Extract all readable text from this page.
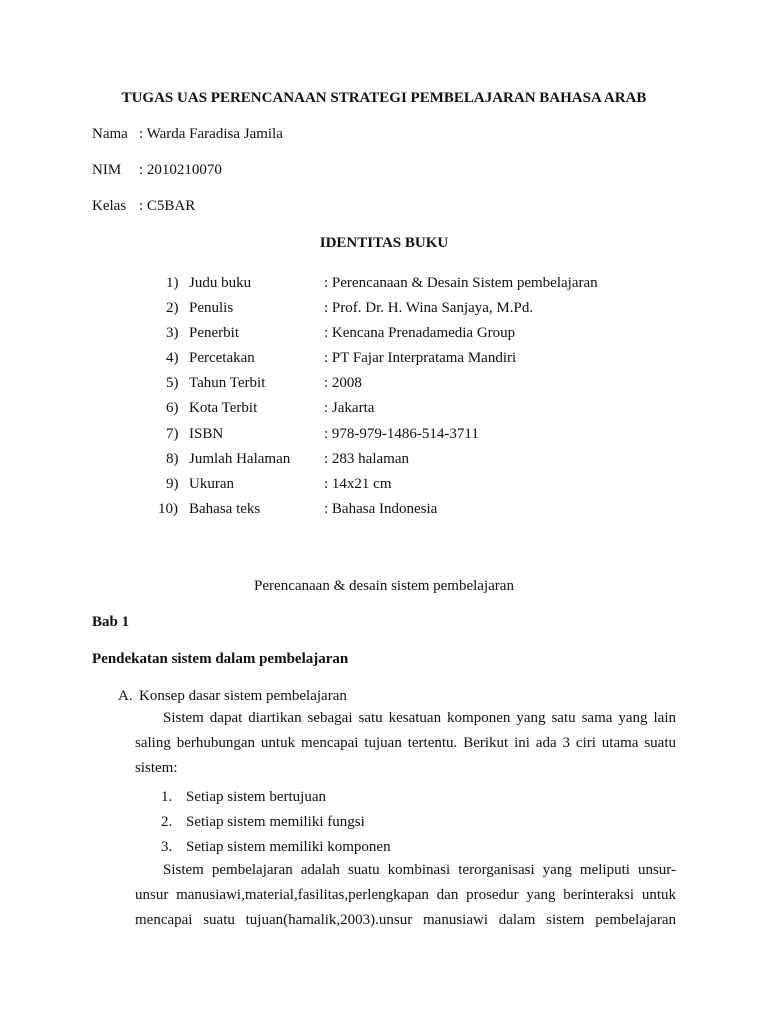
TUGAS UAS PERENCANAAN STRATEGI PEMBELAJARAN BAHASA ARAB
Nama : Warda Faradisa Jamila
NIM : 2010210070
Kelas : C5BAR
IDENTITAS BUKU
1) Judu buku	: Perencanaan & Desain Sistem pembelajaran
2) Penulis	: Prof. Dr. H. Wina Sanjaya, M.Pd.
3) Penerbit	: Kencana Prenadamedia Group
4) Percetakan	: PT Fajar Interpratama Mandiri
5) Tahun Terbit	: 2008
6) Kota Terbit	: Jakarta
7) ISBN	: 978-979-1486-514-3711
8) Jumlah Halaman : 283 halaman
9) Ukuran	: 14x21 cm
10) Bahasa teks	: Bahasa Indonesia
Perencanaan & desain sistem pembelajaran
Bab 1
Pendekatan sistem dalam pembelajaran
A. Konsep dasar sistem pembelajaran
Sistem dapat diartikan sebagai satu kesatuan komponen yang satu sama yang lain
saling berhubungan untuk mencapai tujuan tertentu. Berikut ini ada 3 ciri utama suatu
sistem:
1. Setiap sistem bertujuan
2. Setiap sistem memiliki fungsi
3. Setiap sistem memiliki komponen
Sistem pembelajaran adalah suatu kombinasi terorganisasi yang meliputi unsur-
unsur manusiawi,material,fasilitas,perlengkapan dan prosedur yang berinteraksi untuk
mencapai suatu tujuan(hamalik,2003).unsur manusiawi dalam sistem pembelajaran
